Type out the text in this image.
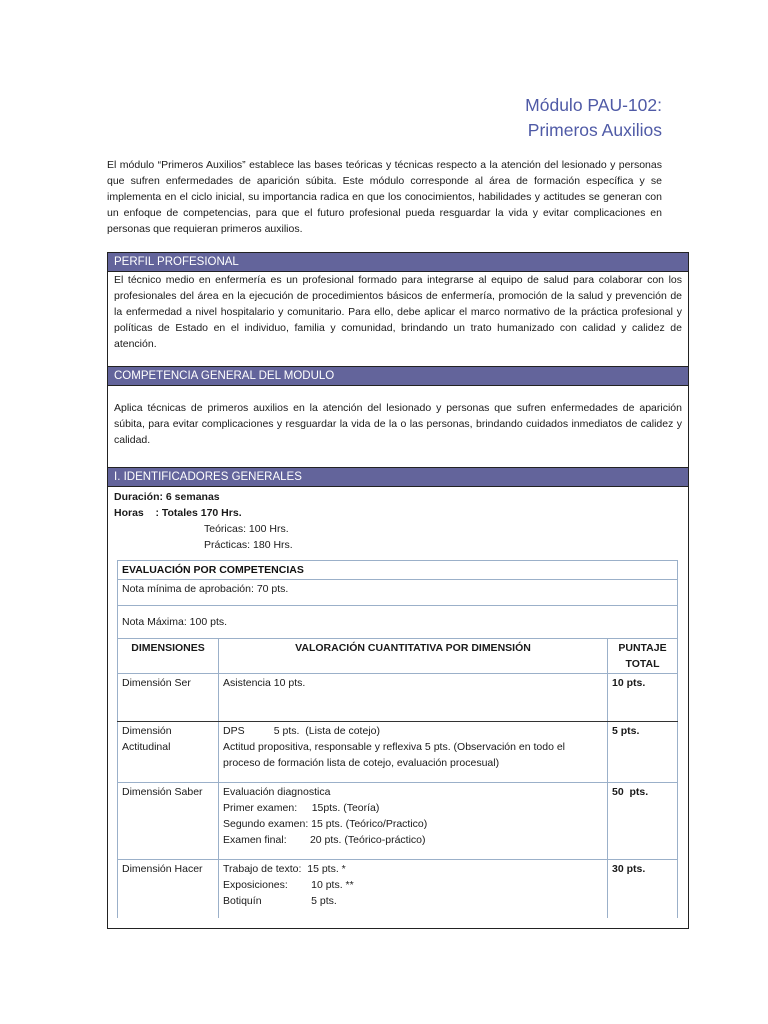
Módulo PAU-102:
Primeros Auxilios

El módulo “Primeros Auxilios” establece las bases teóricas y técnicas respecto a la atención del lesionado y personas que sufren enfermedades de aparición súbita. Este módulo corresponde al área de formación específica y se implementa en el ciclo inicial, su importancia radica en que los conocimientos, habilidades y actitudes se generan con un enfoque de competencias, para que el futuro profesional pueda resguardar la vida y evitar complicaciones en personas que requieran primeros auxilios.

PERFIL PROFESIONAL
El técnico medio en enfermería es un profesional formado para integrarse al equipo de salud para colaborar con los profesionales del área en la ejecución de procedimientos básicos de enfermería, promoción de la salud y prevención de la enfermedad a nivel hospitalario y comunitario. Para ello, debe aplicar el marco normativo de la práctica profesional y políticas de Estado en el individuo, familia y comunidad, brindando un trato humanizado con calidad y calidez de atención.
COMPETENCIA GENERAL DEL MODULO
Aplica técnicas de primeros auxilios en la atención del lesionado y personas que sufren enfermedades de aparición súbita, para evitar complicaciones y resguardar la vida de la o las personas, brindando cuidados inmediatos de calidez y calidad.
I. IDENTIFICADORES GENERALES
Duración: 6 semanas
Horas : Totales 170 Hrs.
Teóricas: 100 Hrs.
Prácticas: 180 Hrs.
EVALUACIÓN POR COMPETENCIAS		
Nota mínima de aprobación: 70 pts.		
Nota Máxima: 100 pts.		
DIMENSIONES	VALORACIÓN CUANTITATIVA POR DIMENSIÓN	PUNTAJE TOTAL
Dimensión Ser	Asistencia 10 pts.	10 pts.
Dimensión Actitudinal	DPS          5 pts.  (Lista de cotejo)
Actitud propositiva, responsable y reflexiva 5 pts. (Observación en todo el proceso de formación lista de cotejo, evaluación procesual)	5 pts.
Dimensión Saber	Evaluación diagnostica
Primer examen:     15pts. (Teoría)
Segundo examen: 15 pts. (Teórico/Practico)
Examen final:        20 pts. (Teórico-práctico)	50  pts.
Dimensión Hacer	Trabajo de texto:  15 pts. *
Exposiciones:        10 pts. **
Botiquín                 5 pts.	30 pts.
